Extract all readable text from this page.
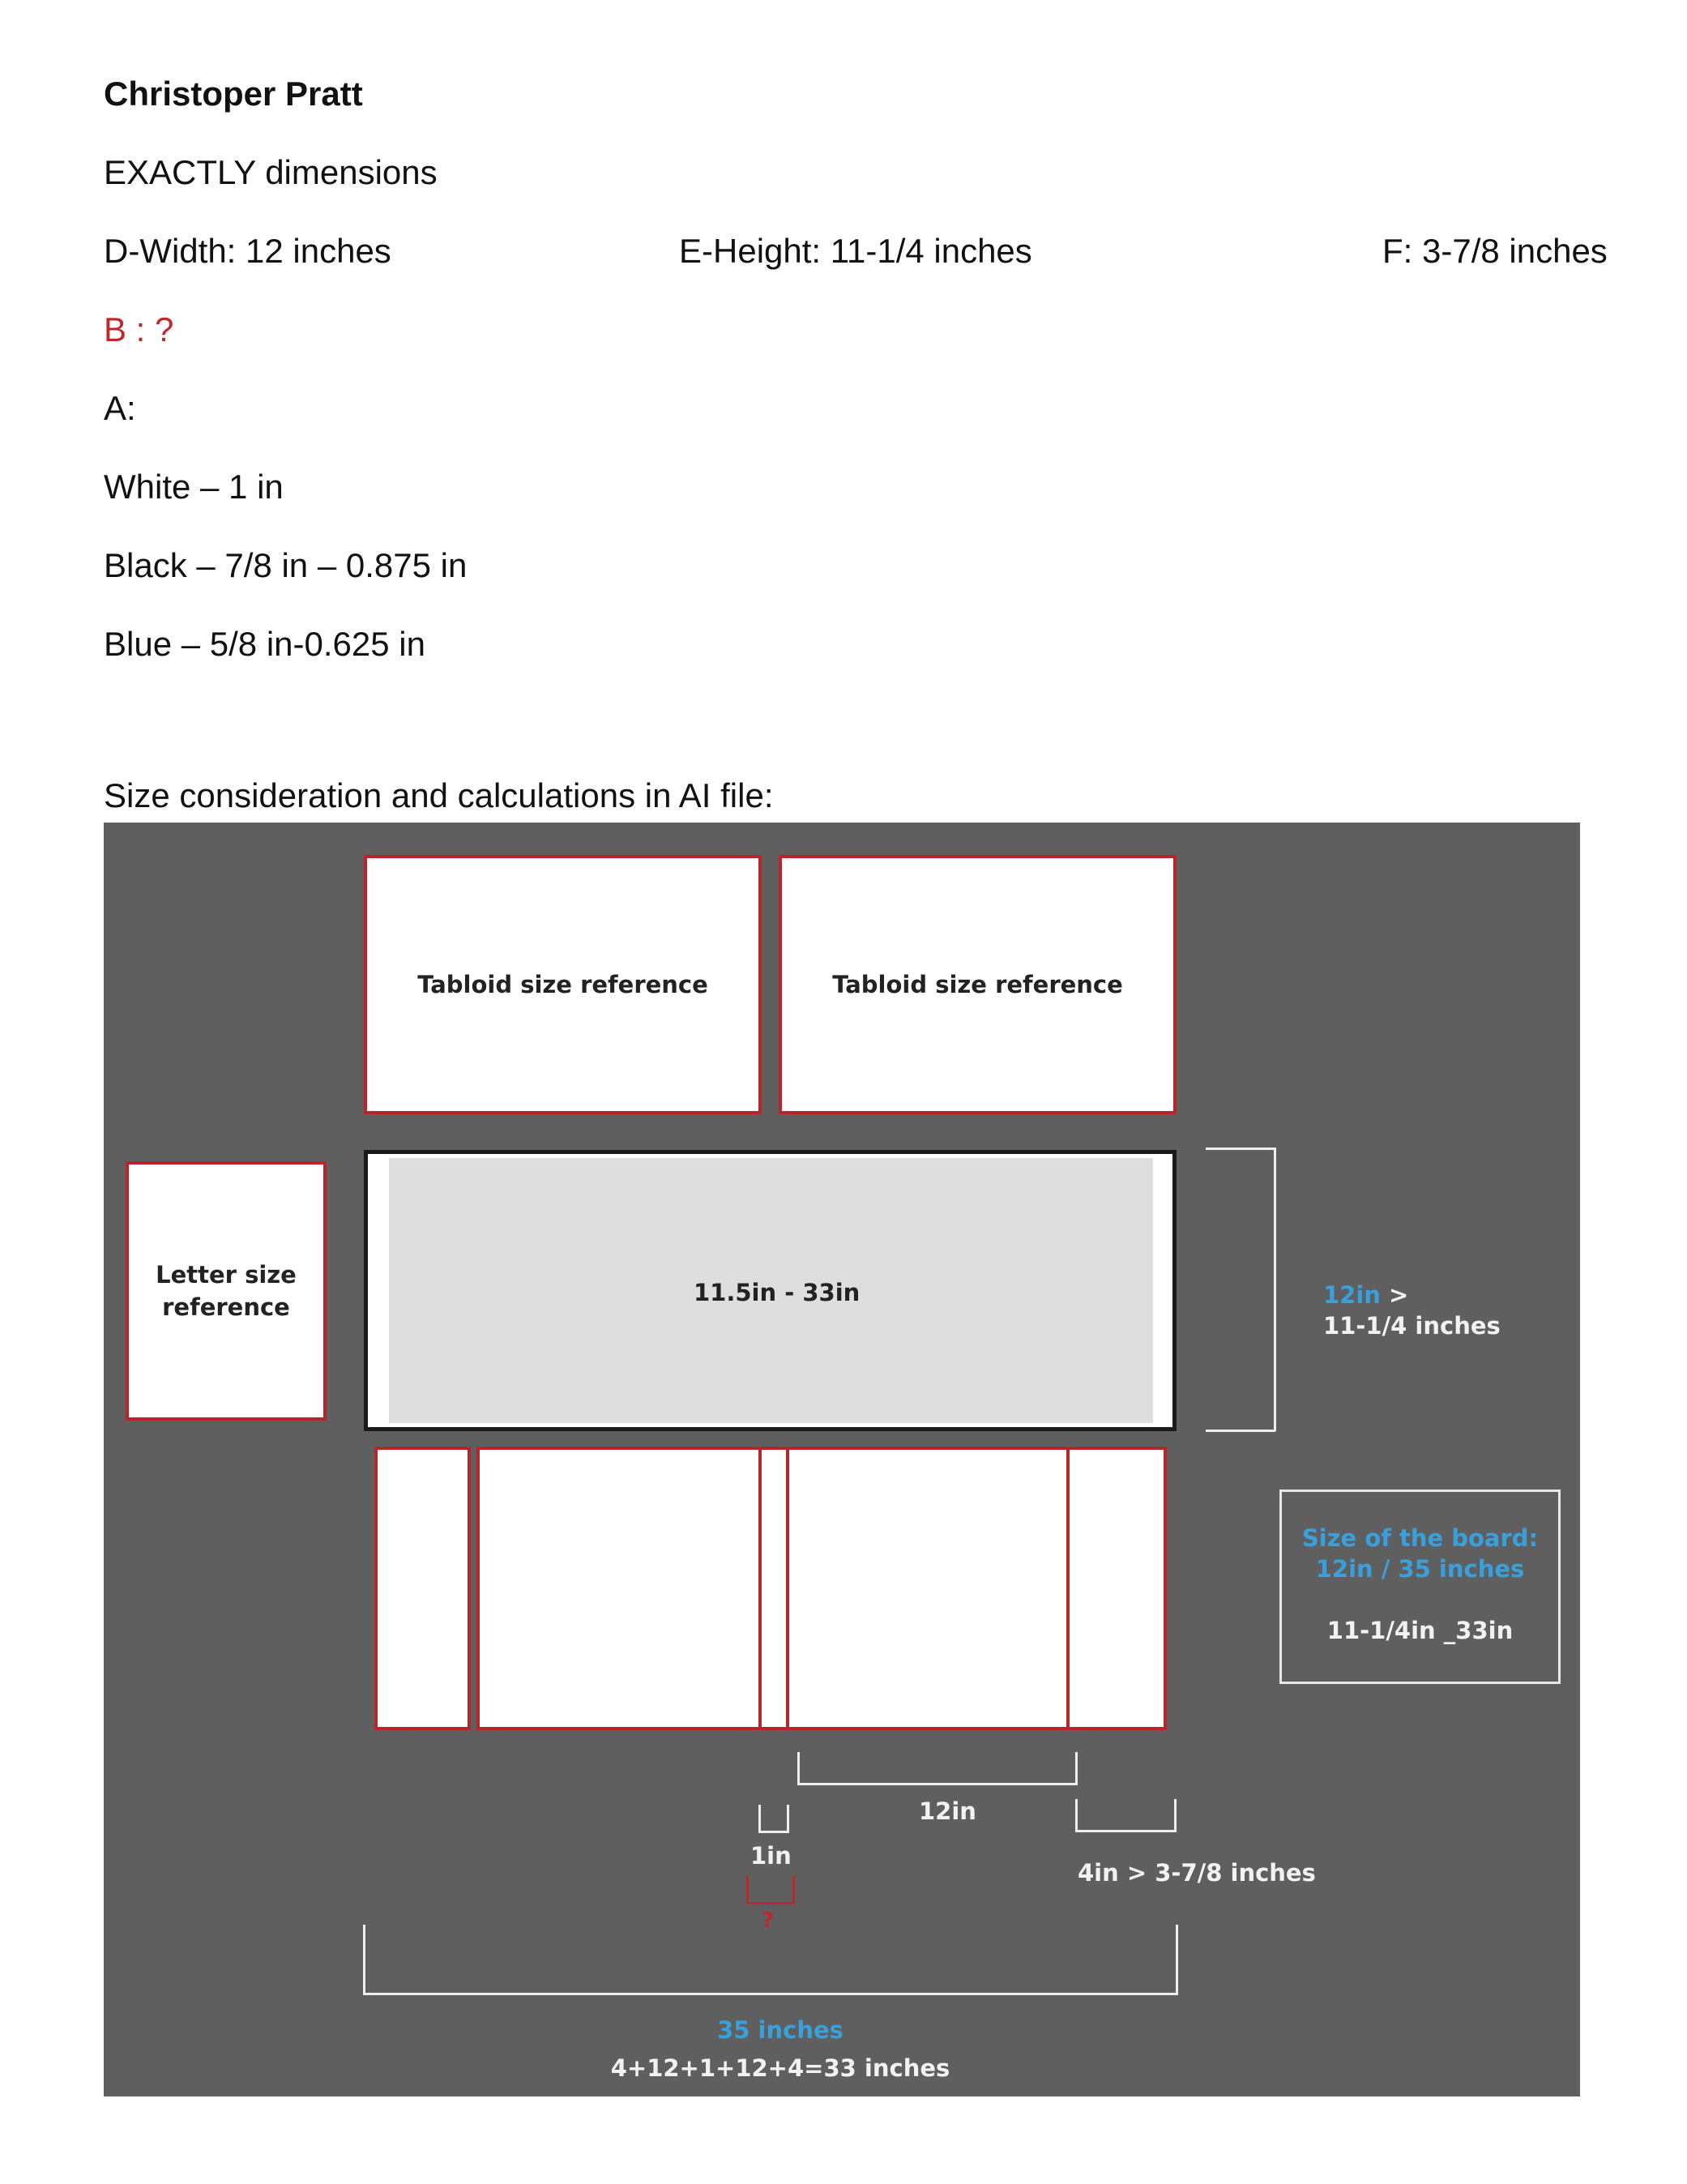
Christoper Pratt
EXACTLY dimensions
D-Width: 12 inches	E-Height: 11-1/4 inches	F: 3-7/8 inches
B : ?
A:
White – 1 in
Black – 7/8 in – 0.875 in
Blue – 5/8 in-0.625 in
Size consideration and calculations in AI file:
Tabloid size reference	Tabloid size reference
Letter size
reference
11.5in - 33in	12in >
11-1/4 inches
Size of the board:
12in / 35 inches
11-1/4in _33in
12in
1in
?
4in > 3-7/8 inches
35 inches
4+12+1+12+4=33 inches
